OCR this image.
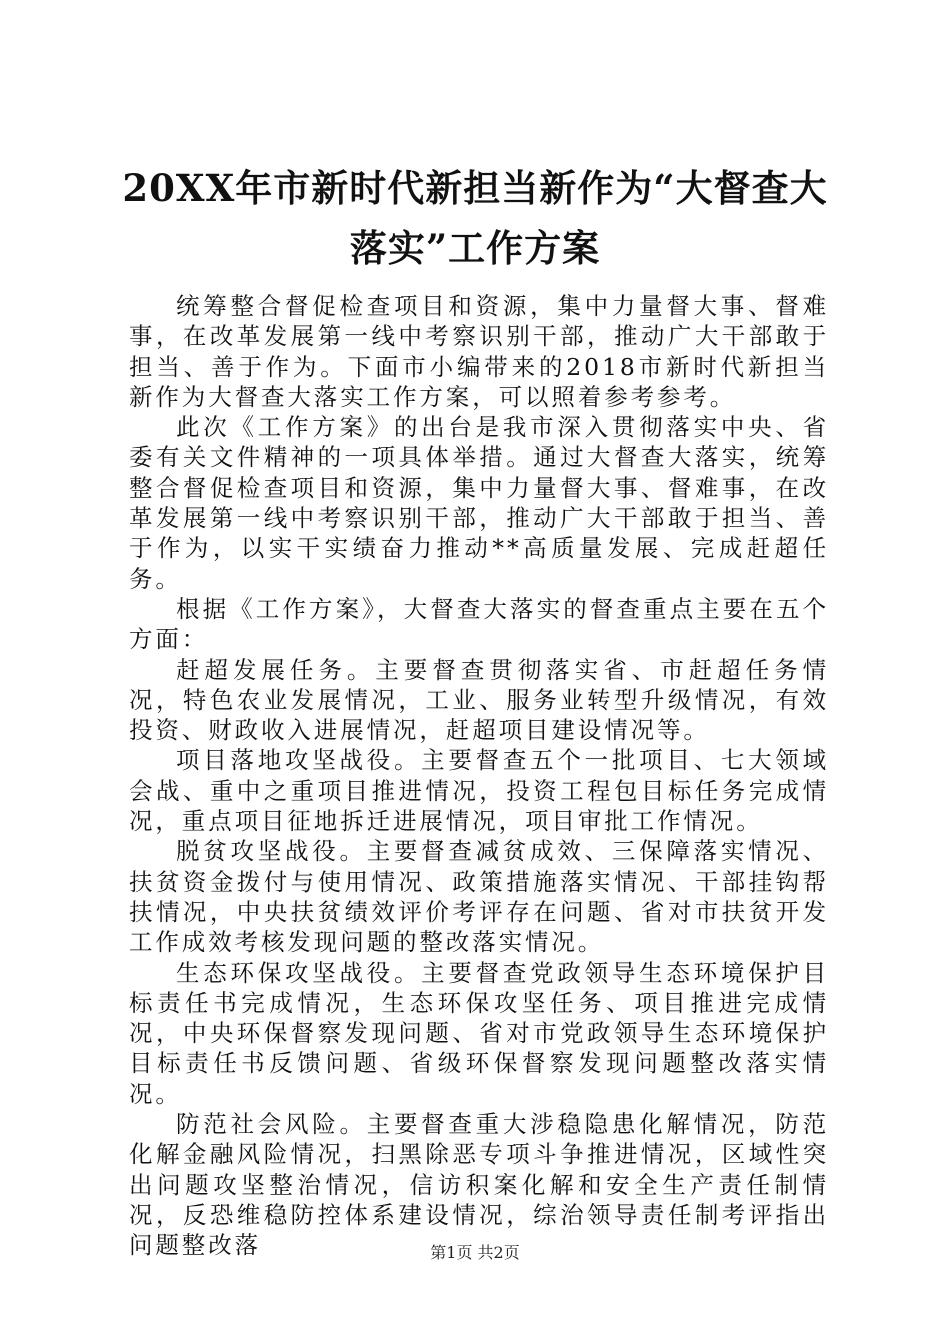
20XX年市新时代新担当新作为“大督查大落实”工作方案

统筹整合督促检查项目和资源，集中力量督大事、督难事，在改革发展第一线中考察识别干部，推动广大干部敢于担当、善于作为。下面市小编带来的2018市新时代新担当新作为大督查大落实工作方案，可以照着参考参考。

此次《工作方案》的出台是我市深入贯彻落实中央、省委有关文件精神的一项具体举措。通过大督查大落实，统筹整合督促检查项目和资源，集中力量督大事、督难事，在改革发展第一线中考察识别干部，推动广大干部敢于担当、善于作为，以实干实绩奋力推动**高质量发展、完成赶超任务。

根据《工作方案》，大督查大落实的督查重点主要在五个方面：

赶超发展任务。主要督查贯彻落实省、市赶超任务情况，特色农业发展情况，工业、服务业转型升级情况，有效投资、财政收入进展情况，赶超项目建设情况等。

项目落地攻坚战役。主要督查五个一批项目、七大领域会战、重中之重项目推进情况，投资工程包目标任务完成情况，重点项目征地拆迁进展情况，项目审批工作情况。

脱贫攻坚战役。主要督查减贫成效、三保障落实情况、扶贫资金拨付与使用情况、政策措施落实情况、干部挂钩帮扶情况，中央扶贫绩效评价考评存在问题、省对市扶贫开发工作成效考核发现问题的整改落实情况。

生态环保攻坚战役。主要督查党政领导生态环境保护目标责任书完成情况，生态环保攻坚任务、项目推进完成情况，中央环保督察发现问题、省对市党政领导生态环境保护目标责任书反馈问题、省级环保督察发现问题整改落实情况。

防范社会风险。主要督查重大涉稳隐患化解情况，防范化解金融风险情况，扫黑除恶专项斗争推进情况，区域性突出问题攻坚整治情况，信访积案化解和安全生产责任制情况，反恐维稳防控体系建设情况，综治领导责任制考评指出问题整改落	第1页 共2页
